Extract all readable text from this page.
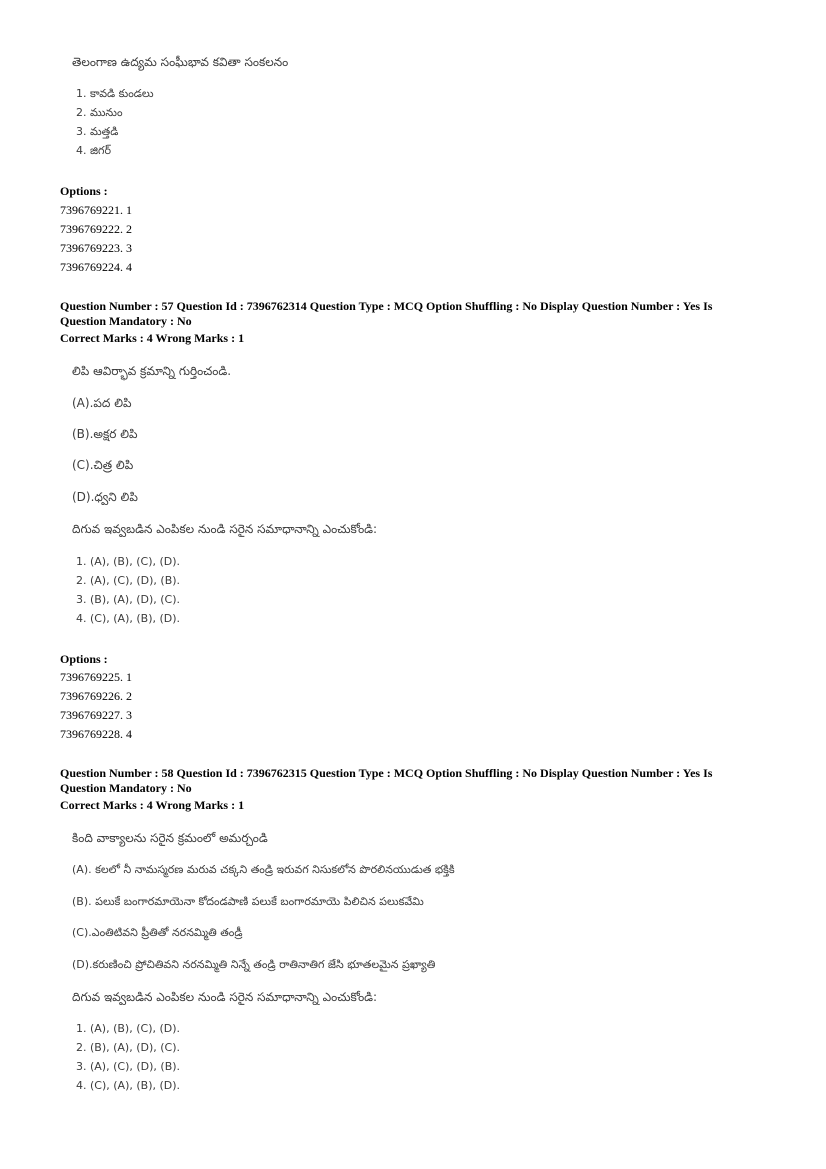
తెలంగాణ ఉద్యమ సంఘీభావ కవితా సంకలనం
1. కావడి కుండలు
2. మునుం
3. మత్తడి
4. జిగర్
Options :
7396769221. 1
7396769222. 2
7396769223. 3
7396769224. 4
Question Number : 57 Question Id : 7396762314 Question Type : MCQ Option Shuffling : No Display Question Number : Yes Is
Question Mandatory : No
Correct Marks : 4 Wrong Marks : 1
లిపి ఆవిర్భావ క్రమాన్ని గుర్తించండి.
(A).పద లిపి
(B).అక్షర లిపి
(C).చిత్ర లిపి
(D).ధ్వని లిపి
దిగువ ఇవ్వబడిన ఎంపికల నుండి సరైన సమాధానాన్ని ఎంచుకోండి:
1. (A), (B), (C), (D).
2. (A), (C), (D), (B).
3. (B), (A), (D), (C).
4. (C), (A), (B), (D).
Options :
7396769225. 1
7396769226. 2
7396769227. 3
7396769228. 4
Question Number : 58 Question Id : 7396762315 Question Type : MCQ Option Shuffling : No Display Question Number : Yes Is
Question Mandatory : No
Correct Marks : 4 Wrong Marks : 1
కింది వాక్యాలను సరైన క్రమంలో అమర్చండి
(A). కలలో నీ నామస్మరణ మరువ చక్కని తండ్రి ఇరువగ నిసుకలోన పొరలినయుడుత భక్తికి
(B). పలుకే బంగారమాయెనా కోదండపాణి పలుకే బంగారమాయె పిలిచిన పలుకవేమి
(C).ఎంతిటివని ప్రీతితో నరనమ్మితి తండ్రీ
(D).కరుణించి ప్రోచితివని నరనమ్మితి నిన్నే తండ్రి రాతినాతిగ జేసి భూతలమైన ప్రఖ్యాతి
దిగువ ఇవ్వబడిన ఎంపికల నుండి సరైన సమాధానాన్ని ఎంచుకోండి:
1. (A), (B), (C), (D).
2. (B), (A), (D), (C).
3. (A), (C), (D), (B).
4. (C), (A), (B), (D).
